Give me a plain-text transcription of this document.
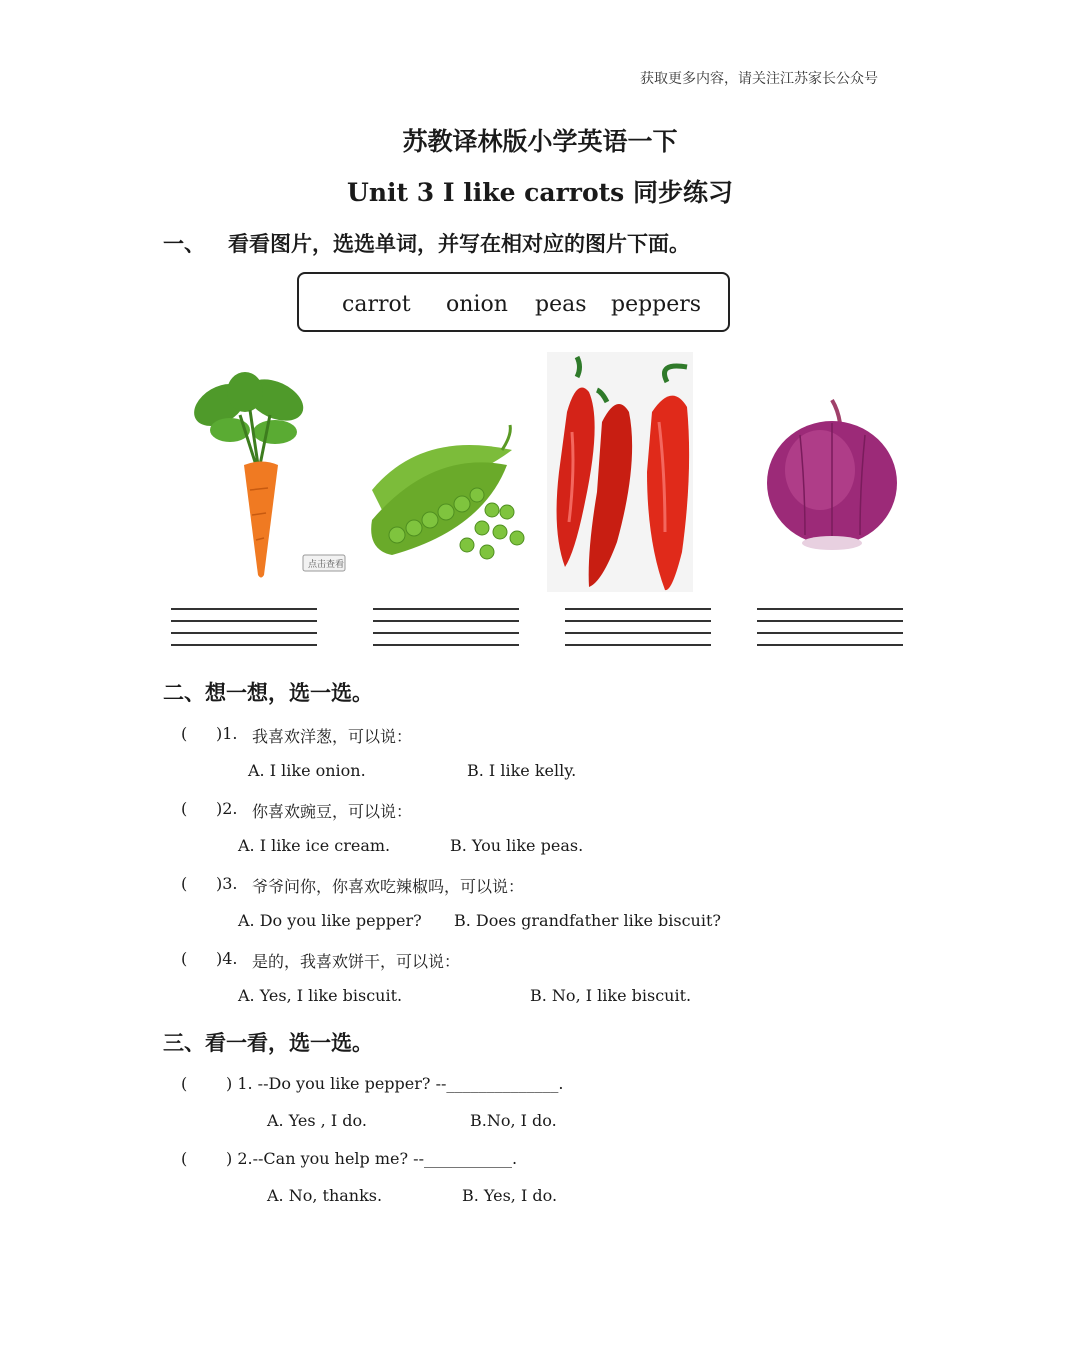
获取更多内容，请关注江苏家长公众号
苏教译林版小学英语一下
Unit 3 I like carrots 同步练习
一、 看看图片，选选单词，并写在相对应的图片下面。
carrot onion peas peppers
点击查看
二、想一想，选一选。
( )1. 我喜欢洋葱，可以说：
A. I like onion.	B. I like kelly.
( )2. 你喜欢豌豆，可以说：
A. I like ice cream.	B. You like peas.
( )3. 爷爷问你，你喜欢吃辣椒吗，可以说：
A. Do you like pepper? B. Does grandfather like biscuit?
( )4. 是的，我喜欢饼干，可以说：
A. Yes, I like biscuit.	B. No, I like biscuit.
三、看一看，选一选。
( ) 1. --Do you like pepper? --______________.
A. Yes , I do.	B.No, I do.
( ) 2.--Can you help me? --___________.
A. No, thanks.	B. Yes, I do.
